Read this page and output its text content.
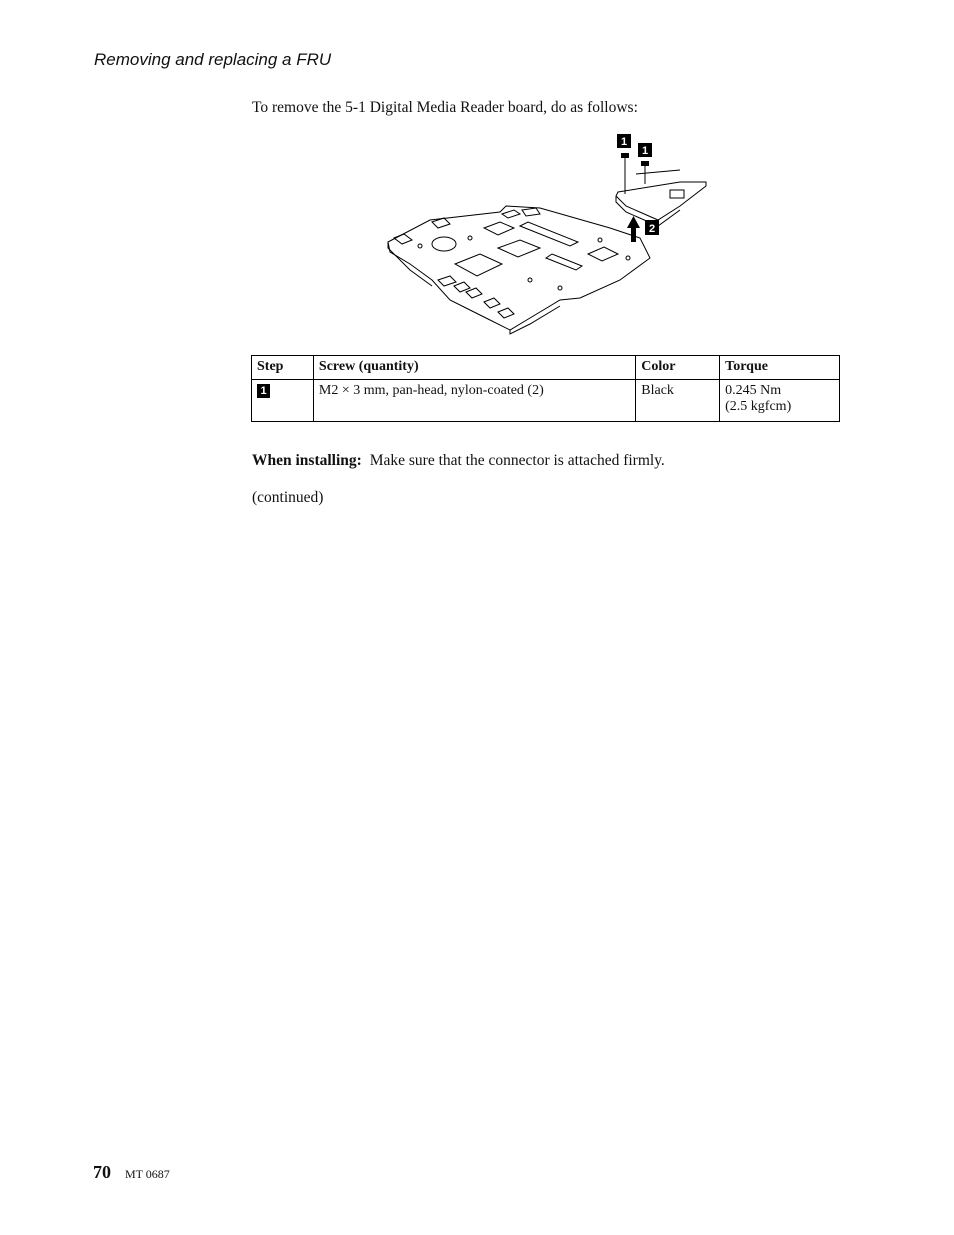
Removing and replacing a FRU
To remove the 5-1 Digital Media Reader board, do as follows:
1
1
2
Step	Screw (quantity)	Color	Torque
1	M2 × 3 mm, pan-head, nylon-coated (2)	Black	0.245 Nm
(2.5 kgfcm)
When installing: Make sure that the connector is attached firmly.
(continued)
70 MT 0687
